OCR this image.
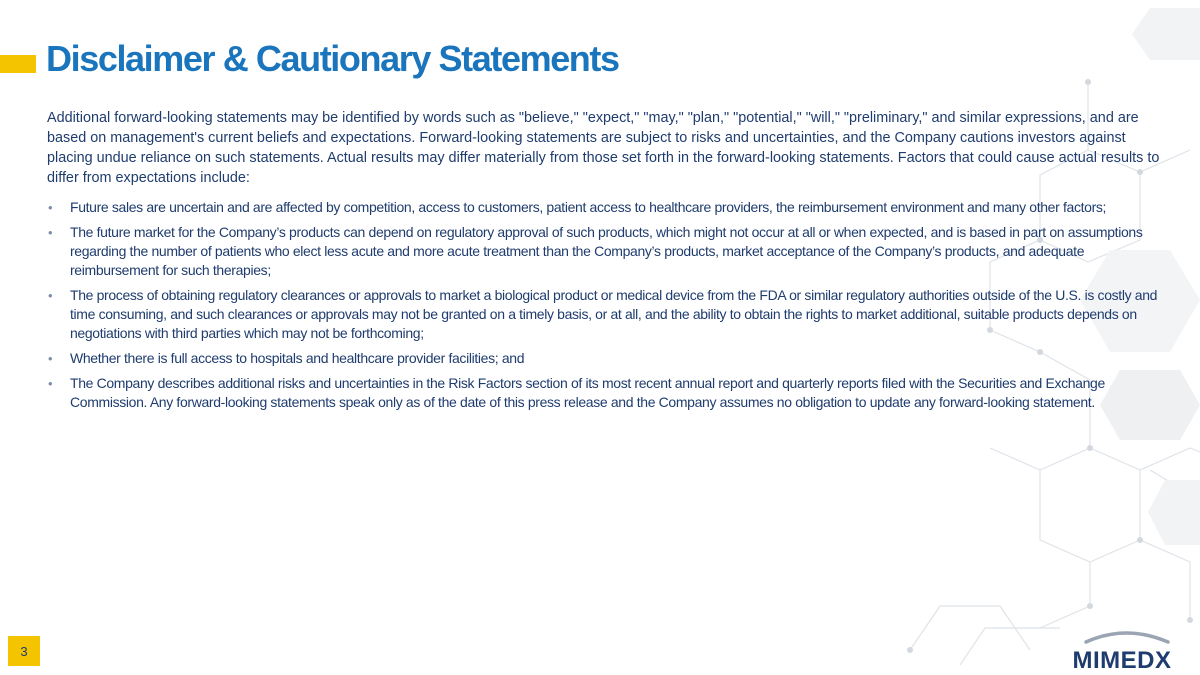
Disclaimer & Cautionary Statements

Additional forward-looking statements may be identified by words such as "believe," "expect," "may," "plan," "potential," "will," "preliminary," and similar expressions, and are based on management's current beliefs and expectations. Forward-looking statements are subject to risks and uncertainties, and the Company cautions investors against placing undue reliance on such statements. Actual results may differ materially from those set forth in the forward-looking statements. Factors that could cause actual results to differ from expectations include:

• Future sales are uncertain and are affected by competition, access to customers, patient access to healthcare providers, the reimbursement environment and many other factors;
• The future market for the Company’s products can depend on regulatory approval of such products, which might not occur at all or when expected, and is based in part on assumptions regarding the number of patients who elect less acute and more acute treatment than the Company’s products, market acceptance of the Company’s products, and adequate reimbursement for such therapies;
• The process of obtaining regulatory clearances or approvals to market a biological product or medical device from the FDA or similar regulatory authorities outside of the U.S. is costly and time consuming, and such clearances or approvals may not be granted on a timely basis, or at all, and the ability to obtain the rights to market additional, suitable products depends on negotiations with third parties which may not be forthcoming;
• Whether there is full access to hospitals and healthcare provider facilities; and
• The Company describes additional risks and uncertainties in the Risk Factors section of its most recent annual report and quarterly reports filed with the Securities and Exchange Commission. Any forward-looking statements speak only as of the date of this press release and the Company assumes no obligation to update any forward-looking statement.
3	MIMEDX
